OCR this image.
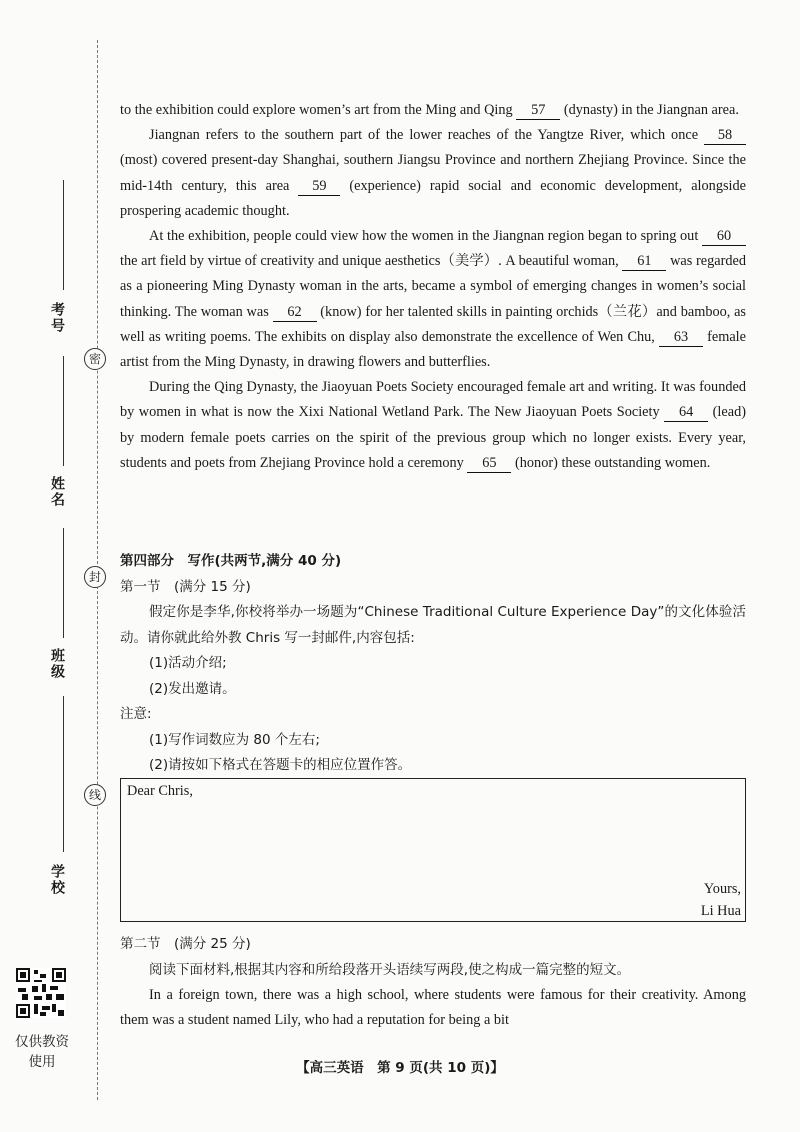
考号
姓名
班级
学校
密
封
线
仅供教资使用

to the exhibition could explore women’s art from the Ming and Qing 57 (dynasty) in the Jiangnan area.

Jiangnan refers to the southern part of the lower reaches of the Yangtze River, which once 58 (most) covered present-day Shanghai, southern Jiangsu Province and northern Zhejiang Province. Since the mid-14th century, this area 59 (experience) rapid social and economic development, alongside prospering academic thought.

At the exhibition, people could view how the women in the Jiangnan region began to spring out 60 the art field by virtue of creativity and unique aesthetics（美学）. A beautiful woman, 61 was regarded as a pioneering Ming Dynasty woman in the arts, became a symbol of emerging changes in women’s social thinking. The woman was 62 (know) for her talented skills in painting orchids（兰花）and bamboo, as well as writing poems. The exhibits on display also demonstrate the excellence of Wen Chu, 63 female artist from the Ming Dynasty, in drawing flowers and butterflies.

During the Qing Dynasty, the Jiaoyuan Poets Society encouraged female art and writing. It was founded by women in what is now the Xixi National Wetland Park. The New Jiaoyuan Poets Society 64 (lead) by modern female poets carries on the spirit of the previous group which no longer exists. Every year, students and poets from Zhejiang Province hold a ceremony 65 (honor) these outstanding women.

第四部分　写作(共两节,满分 40 分)
第一节　(满分 15 分)
假定你是李华,你校将举办一场题为“Chinese Traditional Culture Experience Day”的文化体验活动。请你就此给外教 Chris 写一封邮件,内容包括:
(1)活动介绍;
(2)发出邀请。
注意:
(1)写作词数应为 80 个左右;
(2)请按如下格式在答题卡的相应位置作答。
Dear Chris,
Yours,
Li Hua
第二节　(满分 25 分)
阅读下面材料,根据其内容和所给段落开头语续写两段,使之构成一篇完整的短文。

In a foreign town, there was a high school, where students were famous for their creativity. Among them was a student named Lily, who had a reputation for being a bit

【高三英语　第 9 页(共 10 页)】
